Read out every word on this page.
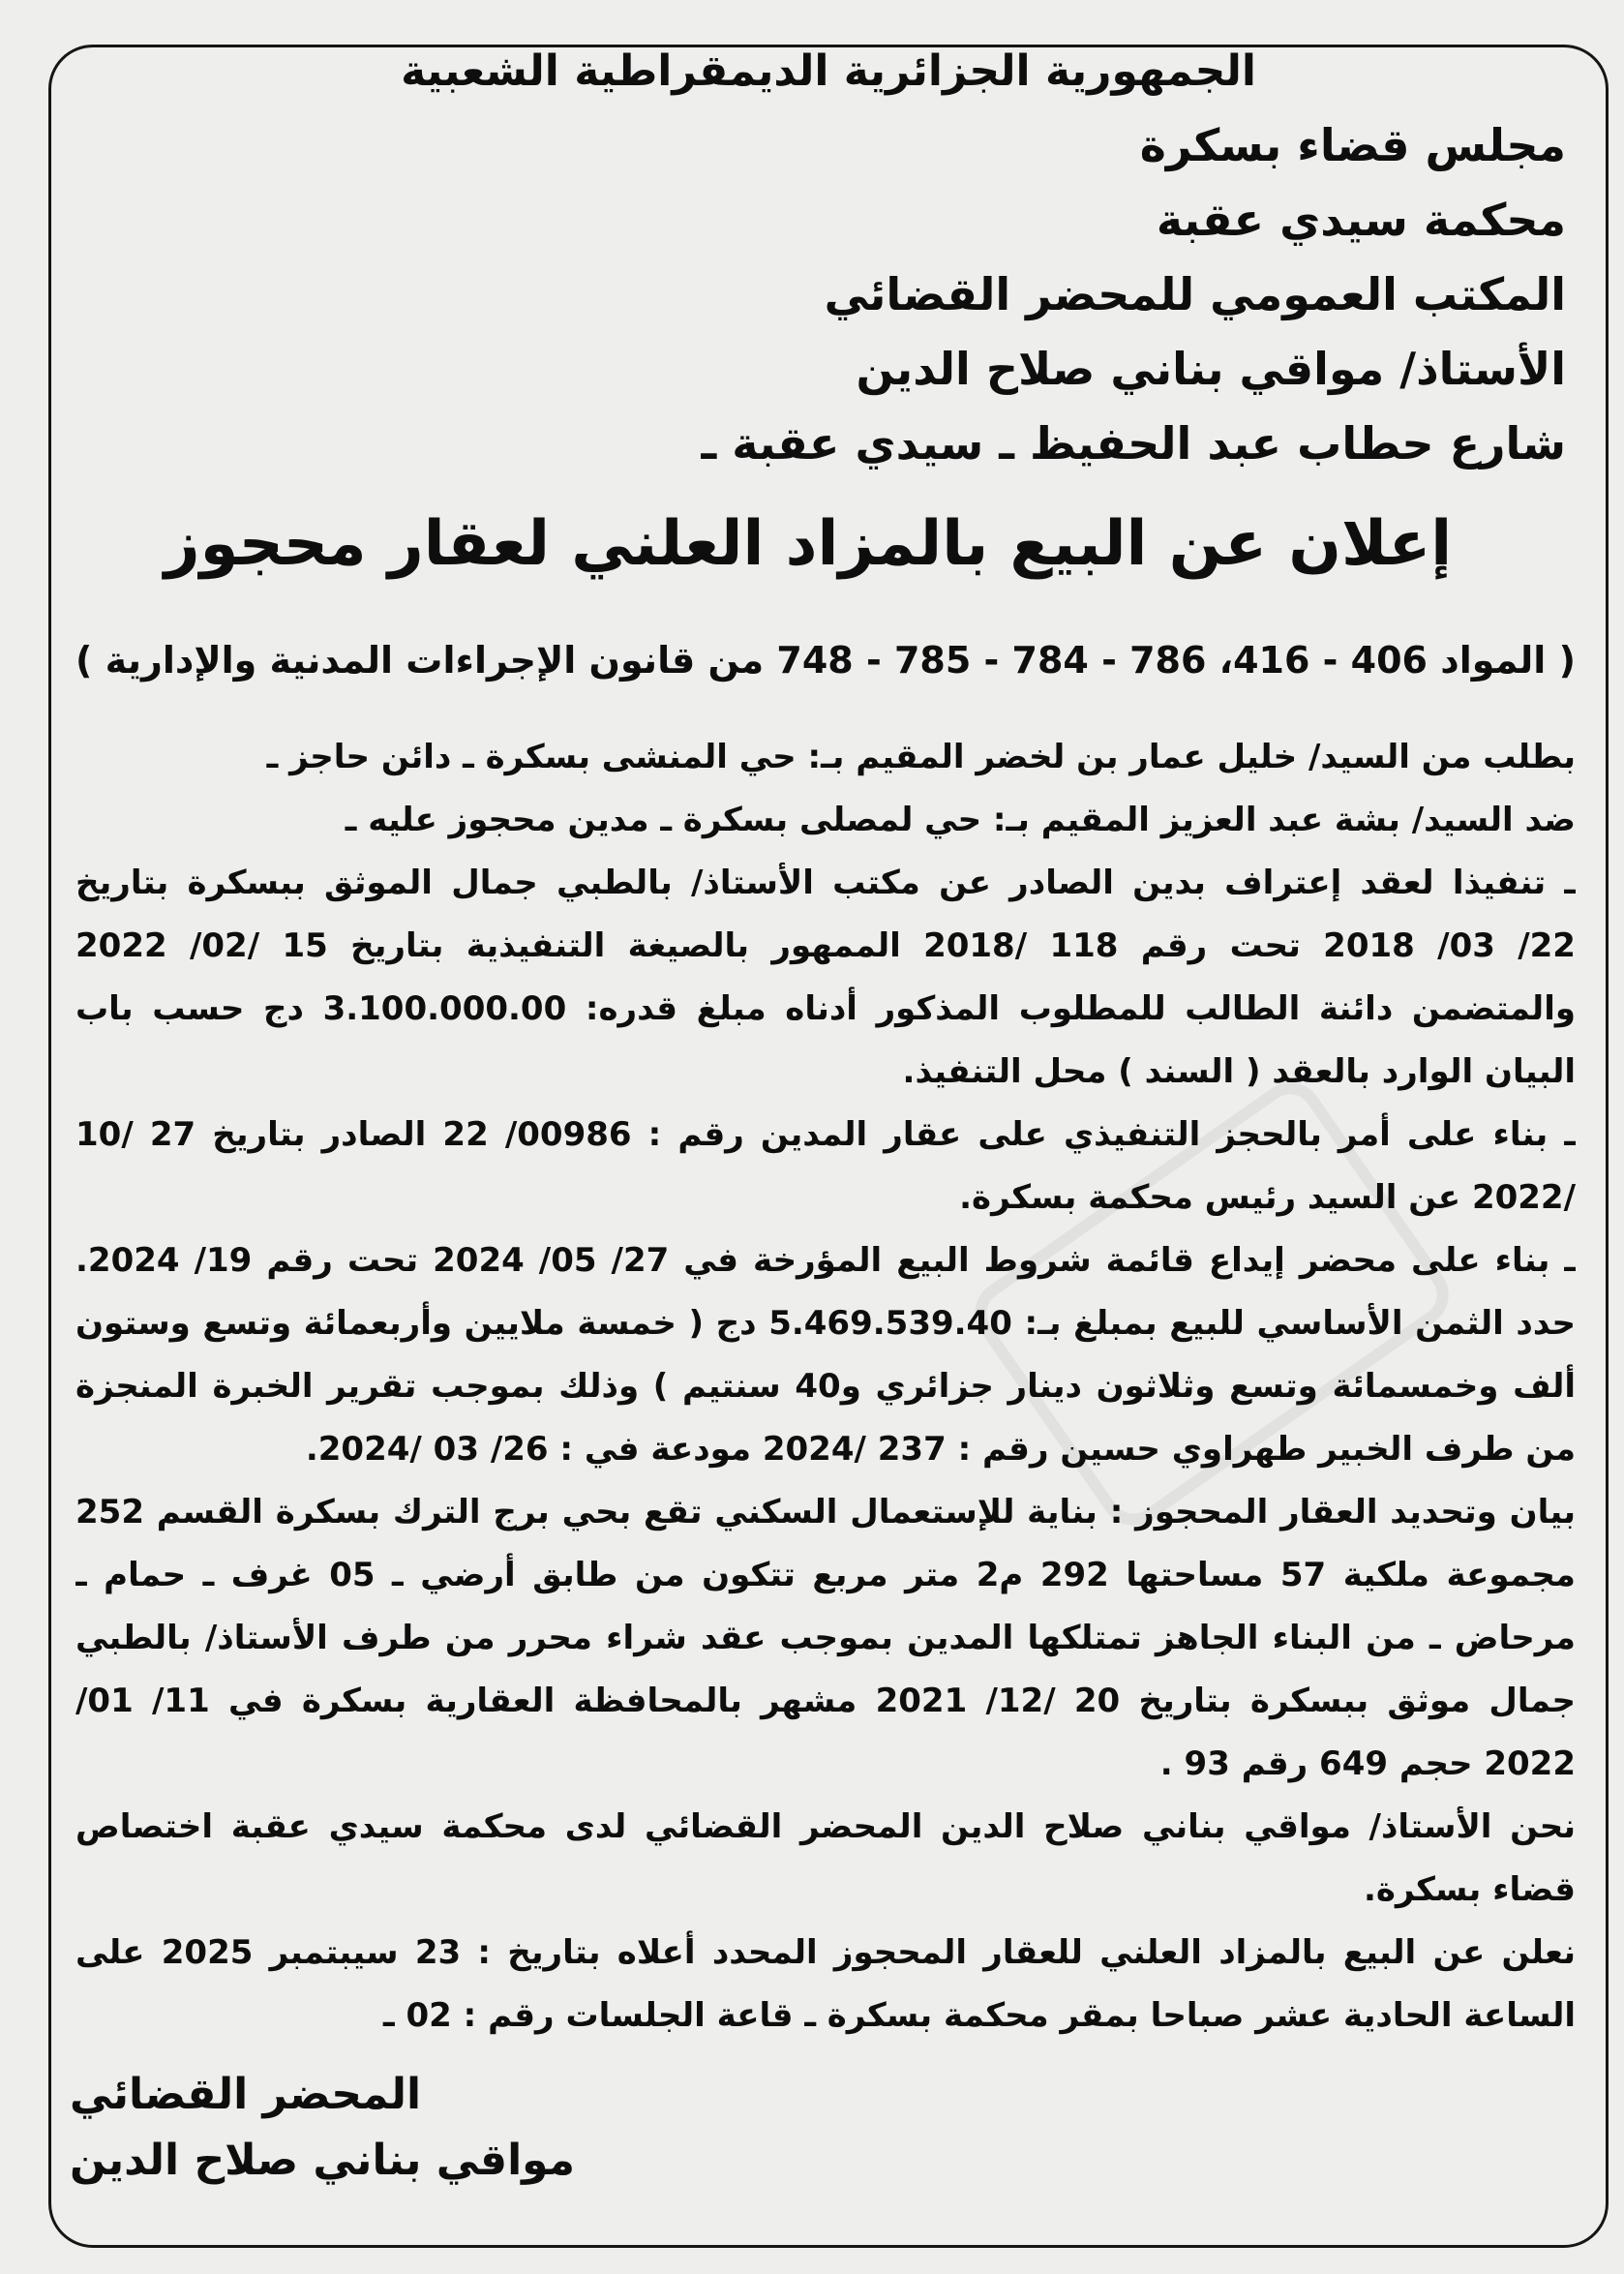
الجمهورية الجزائرية الديمقراطية الشعبية
مجلس قضاء بسكرة
محكمة سيدي عقبة
المكتب العمومي للمحضر القضائي
الأستاذ/ مواقي بناني صلاح الدين
شارع حطاب عبد الحفيظ ـ سيدي عقبة ـ
إعلان عن البيع بالمزاد العلني لعقار محجوز
( المواد 406 - 416، 786 - 784 - 785 - 748 من قانون الإجراءات المدنية والإدارية )
بطلب من السيد/ خليل عمار بن لخضر المقيم بـ: حي المنشى بسكرة ـ دائن حاجز ـ
ضد السيد/ بشة عبد العزيز المقيم بـ: حي لمصلى بسكرة ـ مدين محجوز عليه ـ
ـ تنفيذا لعقد إعتراف بدين الصادر عن مكتب الأستاذ/ بالطبي جمال الموثق ببسكرة بتاريخ
22/ 03/ 2018 تحت رقم 118 /2018 الممهور بالصيغة التنفيذية بتاريخ 15 /02/ 2022
والمتضمن دائنة الطالب للمطلوب المذكور أدناه مبلغ قدره: 3.100.000.00 دج حسب باب
البيان الوارد بالعقد ( السند ) محل التنفيذ.
ـ بناء على أمر بالحجز التنفيذي على عقار المدين رقم : 00986/ 22 الصادر بتاريخ 27 /10
/2022 عن السيد رئيس محكمة بسكرة.
ـ بناء على محضر إيداع قائمة شروط البيع المؤرخة في 27/ 05/ 2024 تحت رقم 19/ 2024.
حدد الثمن الأساسي للبيع بمبلغ بـ: 5.469.539.40 دج ( خمسة ملايين وأربعمائة وتسع وستون
ألف وخمسمائة وتسع وثلاثون دينار جزائري و40 سنتيم ) وذلك بموجب تقرير الخبرة المنجزة
من طرف الخبير طهراوي حسين رقم : 237 /2024 مودعة في : 26/ 03 /2024.
بيان وتحديد العقار المحجوز : بناية للإستعمال السكني تقع بحي برج الترك بسكرة القسم 252
مجموعة ملكية 57 مساحتها 292 م2 متر مربع تتكون من طابق أرضي ـ 05 غرف ـ حمام ـ
مرحاض ـ من البناء الجاهز تمتلكها المدين بموجب عقد شراء محرر من طرف الأستاذ/ بالطبي
جمال موثق ببسكرة بتاريخ 20 /12/ 2021 مشهر بالمحافظة العقارية بسكرة في 11/ 01/
2022 حجم 649 رقم 93 .
نحن الأستاذ/ مواقي بناني صلاح الدين المحضر القضائي لدى محكمة سيدي عقبة اختصاص
قضاء بسكرة.
نعلن عن البيع بالمزاد العلني للعقار المحجوز المحدد أعلاه بتاريخ : 23 سيبتمبر 2025 على
الساعة الحادية عشر صباحا بمقر محكمة بسكرة ـ قاعة الجلسات رقم : 02 ـ
المحضر القضائي
مواقي بناني صلاح الدين
